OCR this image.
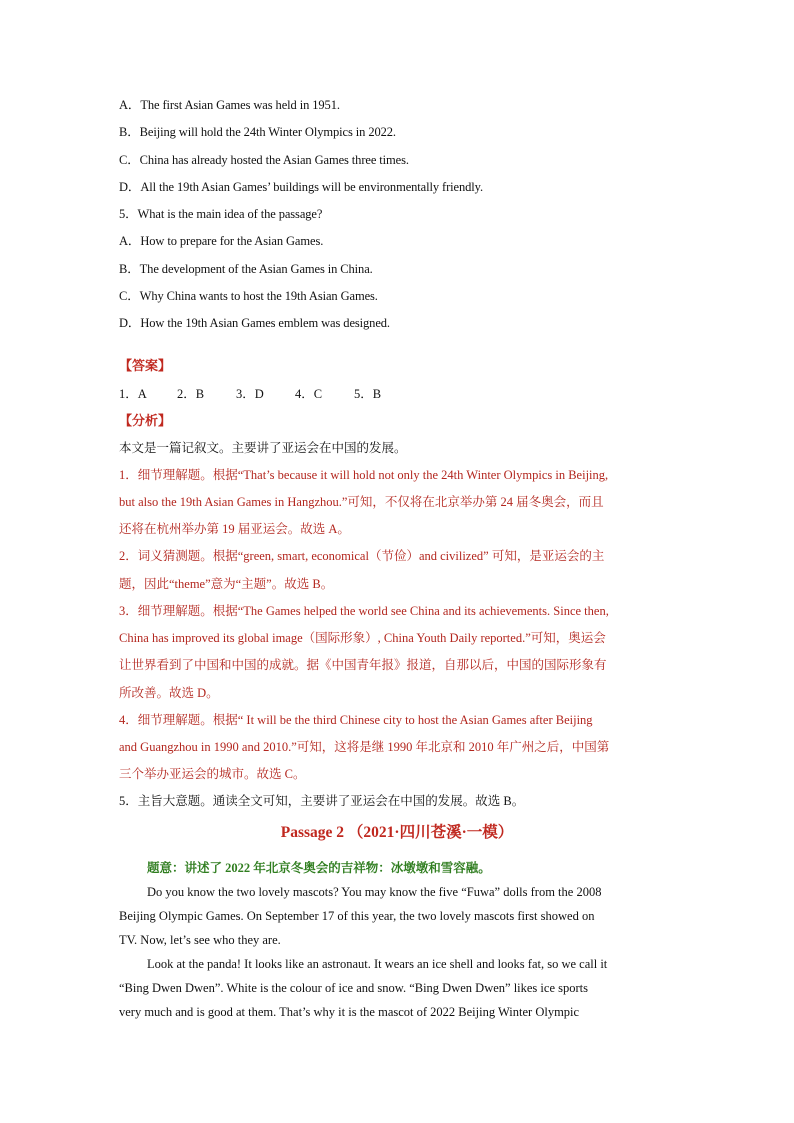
A．The first Asian Games was held in 1951.
B．Beijing will hold the 24th Winter Olympics in 2022.
C．China has already hosted the Asian Games three times.
D．All the 19th Asian Games’ buildings will be environmentally friendly.
5．What is the main idea of the passage?
A．How to prepare for the Asian Games.
B．The development of the Asian Games in China.
C．Why China wants to host the 19th Asian Games.
D．How the 19th Asian Games emblem was designed.
【答案】
1．A 2．B	3．D 4．C	5．B
【分析】
本文是一篇记叙文。主要讲了亚运会在中国的发展。
1．细节理解题。根据“That’s because it will hold not only the 24th Winter Olympics in Beijing,
but also the 19th Asian Games in Hangzhou.”可知，不仅将在北京举办第 24 届冬奥会，而且
还将在杭州举办第 19 届亚运会。故选 A。
2．词义猜测题。根据“green, smart, economical（节俭）and civilized” 可知，是亚运会的主
题，因此“theme”意为“主题”。故选 B。
3．细节理解题。根据“The Games helped the world see China and its achievements. Since then,
China has improved its global image（国际形象）, China Youth Daily reported.”可知，奥运会
让世界看到了中国和中国的成就。据《中国青年报》报道，自那以后，中国的国际形象有
所改善。故选 D。
4．细节理解题。根据“ It will be the third Chinese city to host the Asian Games after Beijing
and Guangzhou in 1990 and 2010.”可知，这将是继 1990 年北京和 2010 年广州之后，中国第
三个举办亚运会的城市。故选 C。
5．主旨大意题。通读全文可知，主要讲了亚运会在中国的发展。故选 B。
Passage 2 （2021·四川苍溪·一模）
题意：讲述了 2022 年北京冬奥会的吉祥物：冰墩墩和雪容融。
Do you know the two lovely mascots? You may know the five “Fuwa” dolls from the 2008
Beijing Olympic Games. On September 17 of this year, the two lovely mascots first showed on
TV. Now, let’s see who they are.
Look at the panda! It looks like an astronaut. It wears an ice shell and looks fat, so we call it
“Bing Dwen Dwen”. White is the colour of ice and snow. “Bing Dwen Dwen” likes ice sports
very much and is good at them. That’s why it is the mascot of 2022 Beijing Winter Olympic
